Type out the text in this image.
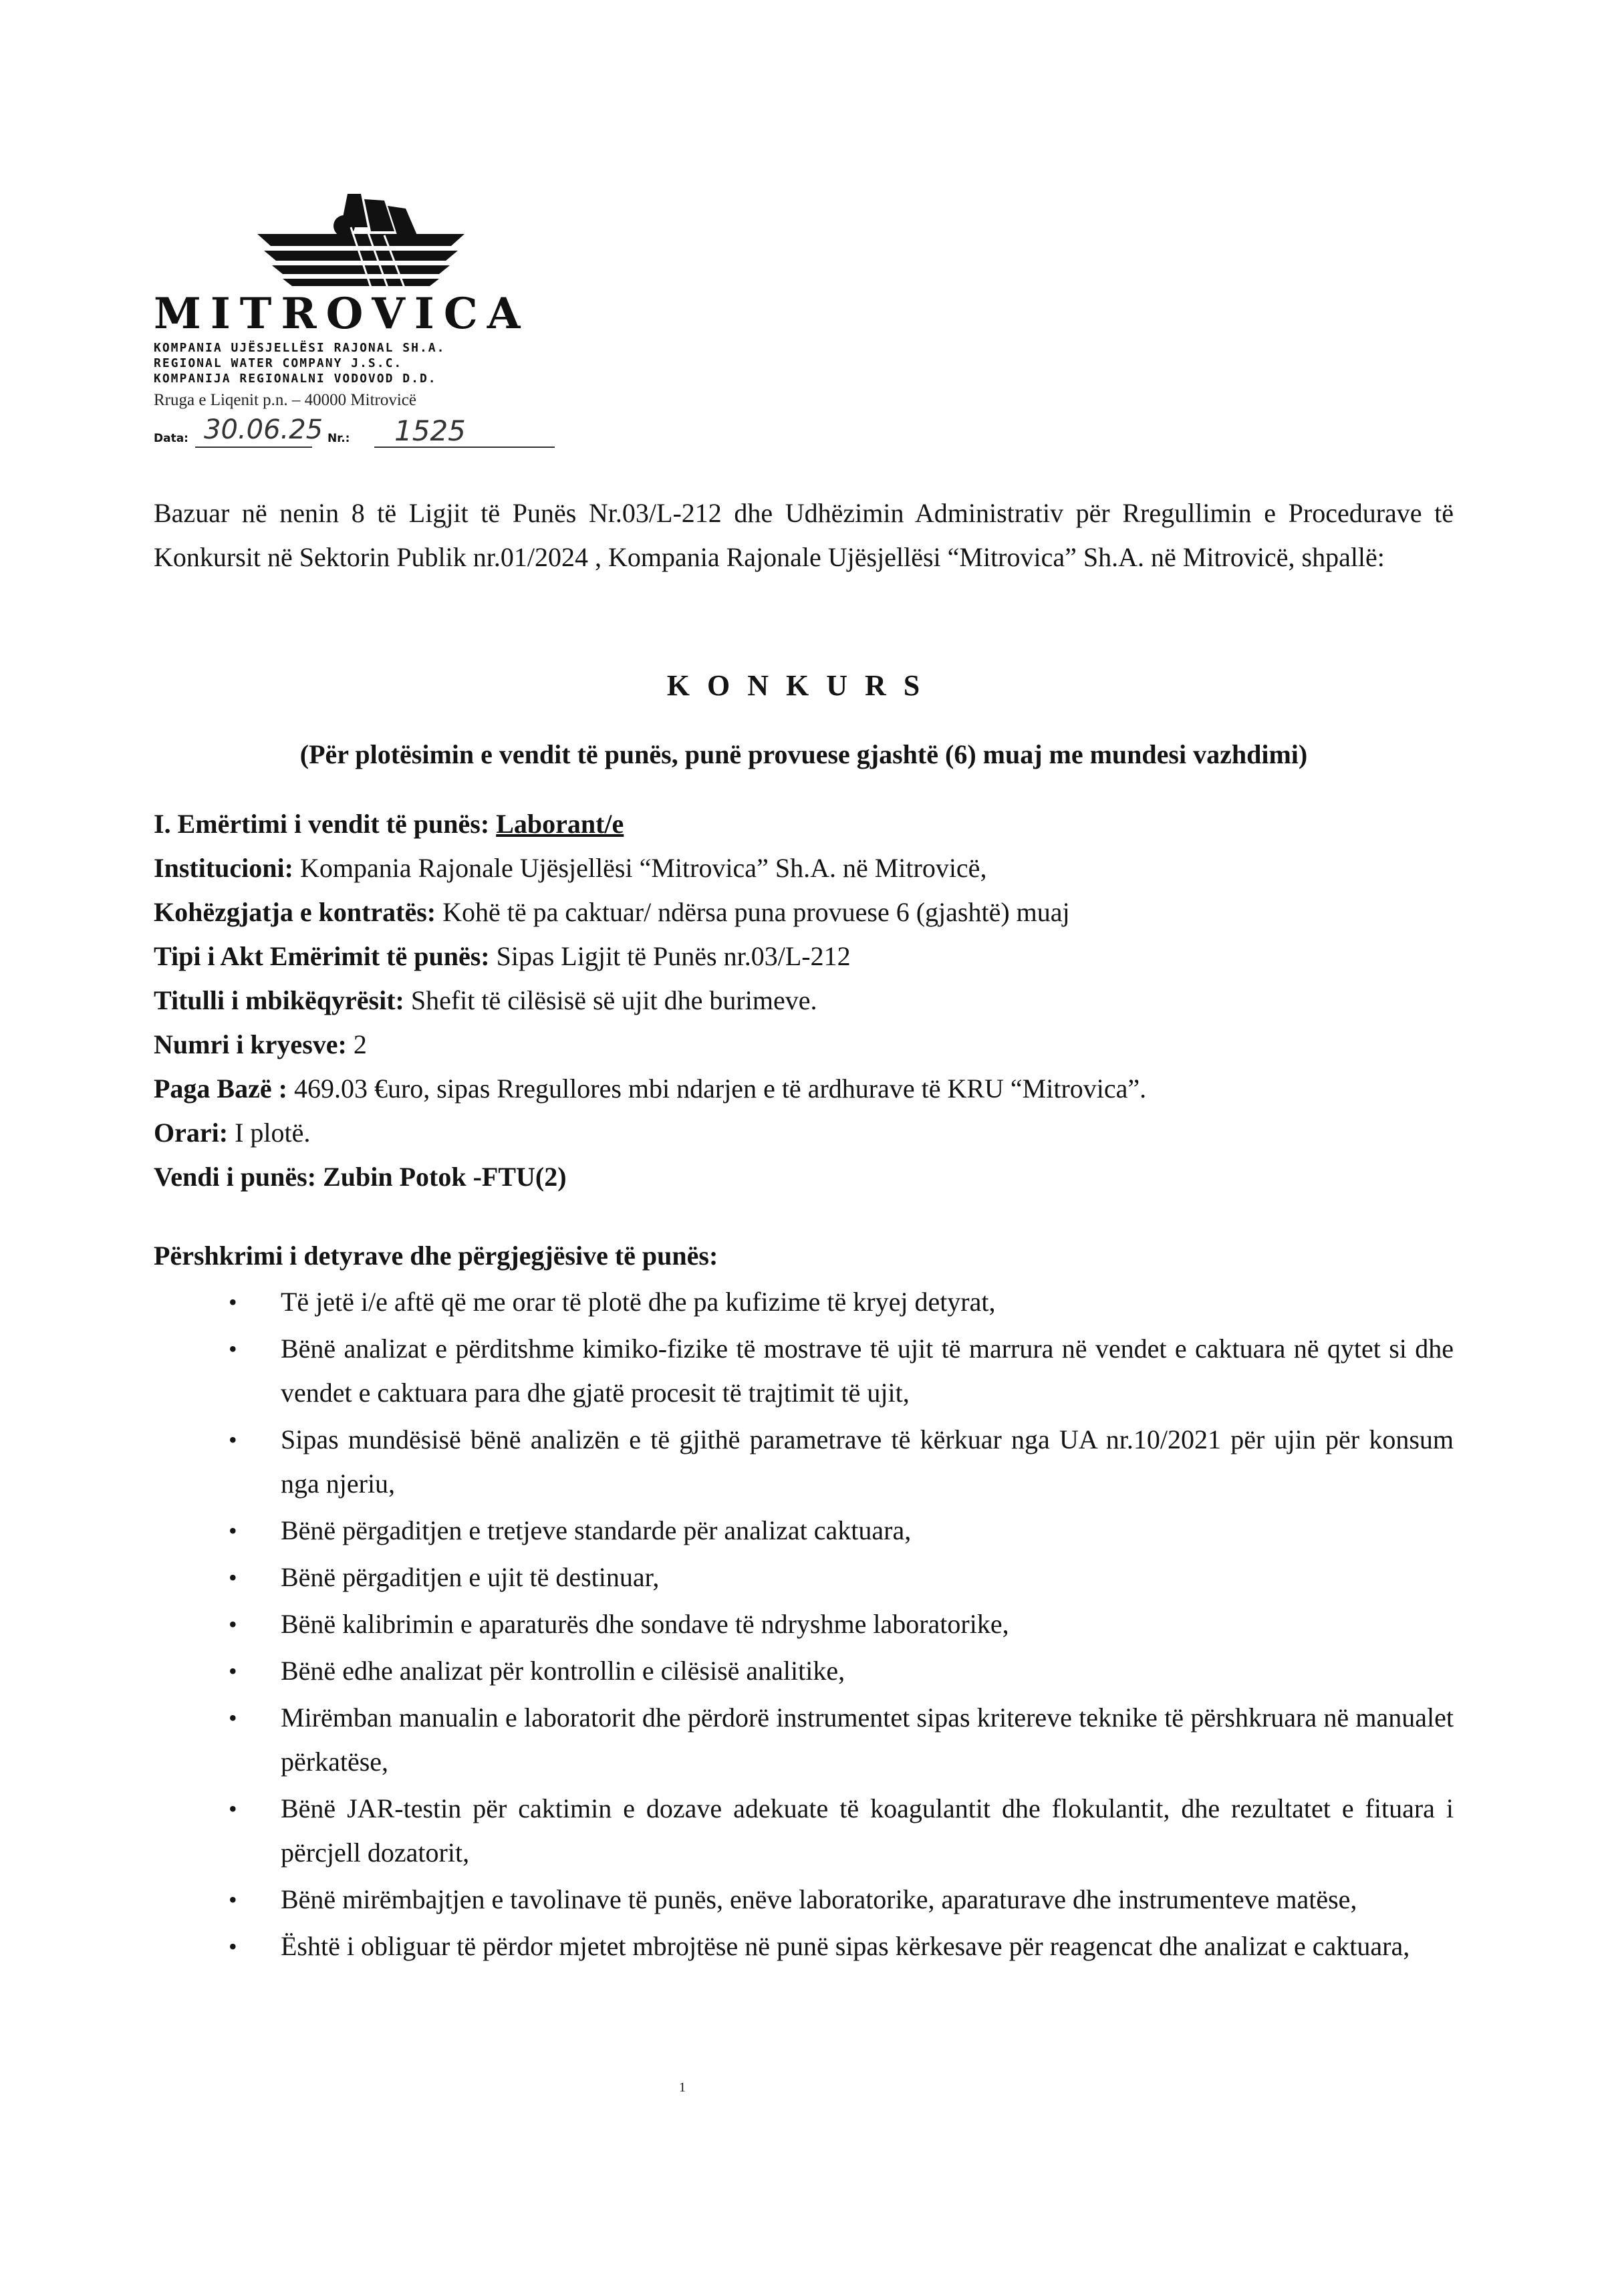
MITROVICA
KOMPANIA UJËSJELLËSI RAJONAL SH.A.
REGIONAL WATER COMPANY J.S.C.
KOMPANIJA REGIONALNI VODOVOD D.D.
Rruga e Liqenit p.n. – 40000 Mitrovicë
Data: 30.06.25 Nr.: 1525
Bazuar në nenin 8 të Ligjit të Punës Nr.03/L-212 dhe Udhëzimin Administrativ për Rregullimin e Procedurave të Konkursit në Sektorin Publik nr.01/2024 , Kompania Rajonale Ujësjellësi “Mitrovica” Sh.A. në Mitrovicë, shpallë:
KONKURS
(Për plotësimin e vendit të punës, punë provuese gjashtë (6) muaj me mundesi vazhdimi)
I. Emërtimi i vendit të punës: Laborant/e
Institucioni: Kompania Rajonale Ujësjellësi “Mitrovica” Sh.A. në Mitrovicë,
Kohëzgjatja e kontratës: Kohë të pa caktuar/ ndërsa puna provuese 6 (gjashtë) muaj
Tipi i Akt Emërimit të punës: Sipas Ligjit të Punës nr.03/L-212
Titulli i mbikëqyrësit: Shefit të cilësisë së ujit dhe burimeve.
Numri i kryesve: 2
Paga Bazë : 469.03 €uro, sipas Rregullores mbi ndarjen e të ardhurave të KRU “Mitrovica”.
Orari: I plotë.
Vendi i punës: Zubin Potok -FTU(2)
Përshkrimi i detyrave dhe përgjegjësive të punës:
• Të jetë i/e aftë që me orar të plotë dhe pa kufizime të kryej detyrat,
• Bënë analizat e përditshme kimiko-fizike të mostrave të ujit të marrura në vendet e caktuara në qytet si dhe vendet e caktuara para dhe gjatë procesit të trajtimit të ujit,
• Sipas mundësisë bënë analizën e të gjithë parametrave të kërkuar nga UA nr.10/2021 për ujin për konsum nga njeriu,
• Bënë përgaditjen e tretjeve standarde për analizat caktuara,
• Bënë përgaditjen e ujit të destinuar,
• Bënë kalibrimin e aparaturës dhe sondave të ndryshme laboratorike,
• Bënë edhe analizat për kontrollin e cilësisë analitike,
• Mirëmban manualin e laboratorit dhe përdorë instrumentet sipas kritereve teknike të përshkruara në manualet përkatëse,
• Bënë JAR-testin për caktimin e dozave adekuate të koagulantit dhe flokulantit, dhe rezultatet e fituara i përcjell dozatorit,
• Bënë mirëmbajtjen e tavolinave të punës, enëve laboratorike, aparaturave dhe instrumenteve matëse,
• Është i obliguar të përdor mjetet mbrojtëse në punë sipas kërkesave për reagencat dhe analizat e caktuara,
1
